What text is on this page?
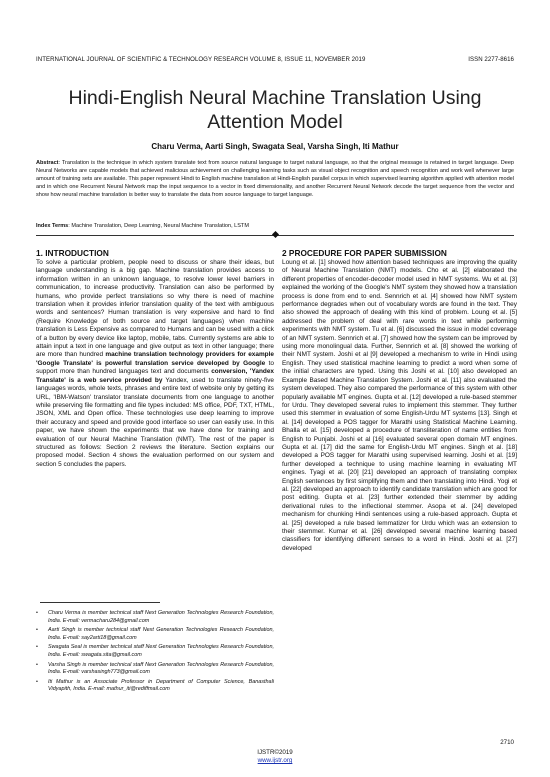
INTERNATIONAL JOURNAL OF SCIENTIFIC & TECHNOLOGY RESEARCH VOLUME 8, ISSUE 11, NOVEMBER 2019	ISSN 2277-8616
Hindi-English Neural Machine Translation Using Attention Model
Charu Verma, Aarti Singh, Swagata Seal, Varsha Singh, Iti Mathur
Abstract: Translation is the technique in which system translate text from source natural language to target natural language, so that the original message is retained in target language. Deep Neural Networks are capable models that achieved malicious achievement on challenging learning tasks such as visual object recognition and speech recognition and work well whenever large amount of training sets are available. This paper represent Hindi to English machine translation at Hindi-English parallel corpus in which supervised learning algorithm applied with attention model and in which one Recurrent Neural Network map the input sequence to a vector in fixed dimensionality, and another Recurrent Neural Network decode the target sequence from the vector and show how neural machine translation is better way to translate the data from source language to target language.
Index Terms: Machine Translation, Deep Learning, Neural Machine Translation, LSTM
1. INTRODUCTION

To solve a particular problem, people need to discuss or share their ideas, but language understanding is a big gap. Machine translation provides access to information written in an unknown language, to resolve lower level barriers in communication, to increase productivity. Translation can also be performed by humans, who provide perfect translations so why there is need of machine translation when it provides inferior translation quality of the text with ambiguous words and sentences? Human translation is very expensive and hard to find (Require Knowledge of both source and target languages) when machine translation is Less Expensive as compared to Humans and can be used with a click of a button by every device like laptop, mobile, tabs. Currently systems are able to attain input a text in one language and give output as text in other language; there are more than hundred machine translation technology providers for example 'Google Translate' is powerful translation service developed by Google to support more than hundred languages text and documents conversion, 'Yandex Translate' is a web service provided by Yandex, used to translate ninety-five languages words, whole texts, phrases and entire text of website only by getting its URL, 'IBM-Watson' translator translate documents from one language to another while preserving file formatting and file types included: MS office, PDF, TXT, HTML, JSON, XML and Open office. These technologies use deep learning to improve their accuracy and speed and provide good interface so user can easily use. In this paper, we have shown the experiments that we have done for training and evaluation of our Neural Machine Translation (NMT). The rest of the paper is structured as follows: Section 2 reviews the literature. Section explains our proposed model. Section 4 shows the evaluation performed on our system and section 5 concludes the papers.

• Charu Verma is member technical staff Next Generation Technologies Research Foundation, India. E-mail: vermacharu284@gmail.com
• Aarti Singh is member technical staff Next Generation Technologies Research Foundation, India. E-mail: say2arti18@gmail.com
• Swagata Seal is member technical staff Next Generation Technologies Research Foundation, India. E-mail: swagata.sita@gmail.com
• Varsha Singh is member technical staff Next Generation Technologies Research Foundation, India. E-mail: varshasingh773@gmail.com
• Iti Mathur is an Associate Professor in Department of Computer Science, Banasthali Vidyapith, India. E-mail: mathur_iti@rediffmail.com
2 PROCEDURE FOR PAPER SUBMISSION

Loung et al. [1] showed how attention based techniques are improving the quality of Neural Machine Translation (NMT) models. Cho et al. [2] elaborated the different properties of encoder-decoder model used in NMT systems. Wu et al. [3] explained the working of the Google's NMT system they showed how a translation process is done from end to end. Sennrich et al. [4] showed how NMT system performance degrades when out of vocabulary words are found in the text. They also showed the approach of dealing with this kind of problem. Loung et al. [5] addressed the problem of deal with rare words in text while performing experiments with NMT system. Tu et al. [6] discussed the issue in model coverage of an NMT system. Sennrich et al. [7] showed how the system can be improved by using more monolingual data. Further, Sennrich et al. [8] showed the working of their NMT system. Joshi et al [9] developed a mechanism to write in Hindi using English. They used statistical machine learning to predict a word when some of the initial characters are typed. Using this Joshi et al. [10] also developed an Example Based Machine Translation System. Joshi et al. [11] also evaluated the system developed. They also compared the performance of this system with other popularly available MT engines. Gupta et al. [12] developed a rule-based stemmer for Urdu. They developed several rules to implement this stemmer. They further used this stemmer in evaluation of some English-Urdu MT systems [13]. Singh et al. [14] developed a POS tagger for Marathi using Statistical Machine Learning. Bhalla et al. [15] developed a procedure of transliteration of name entities from English to Punjabi. Joshi et al [16] evaluated several open domain MT engines. Gupta et al. [17] did the same for English-Urdu MT engines. Singh et al. [18] developed a POS tagger for Marathi using supervised learning. Joshi et al. [19] further developed a technique to using machine learning in evaluating MT engines. Tyagi et al. [20] [21] developed an approach of translating complex English sentences by first simplifying them and then translating into Hindi. Yogi et al. [22] developed an approach to identify candidate translation which are good for post editing. Gupta et al. [23] further extended their stemmer by adding derivational rules to the inflectional stemmer. Asopa et al. [24] developed mechanism for chunking Hindi sentences using a rule-based approach. Gupta et al. [25] developed a rule based lemmatizer for Urdu which was an extension to their stemmer. Kumar et al. [26] developed several machine learning based classifiers for identifying different senses to a word in Hindi. Joshi et al. [27] developed

2710
IJSTR©2019
www.ijstr.org
